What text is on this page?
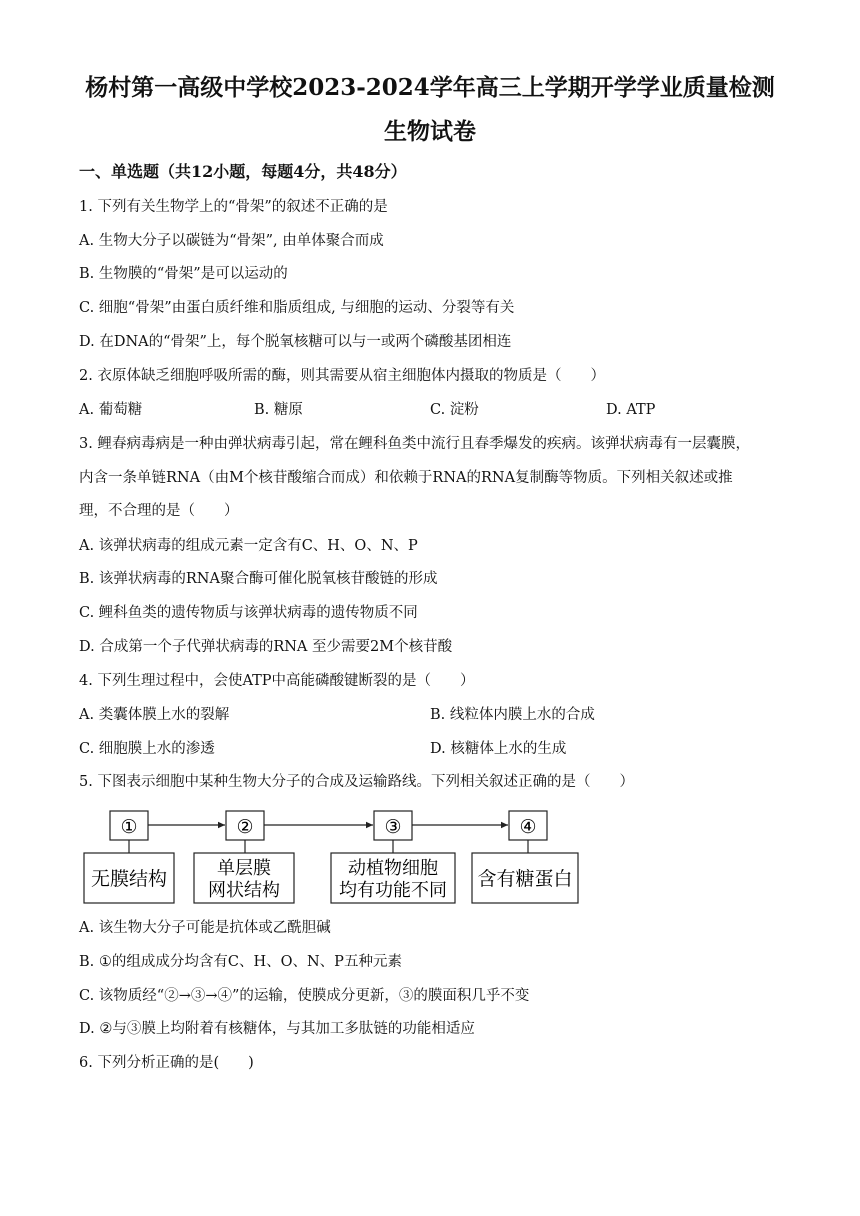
杨村第一高级中学校2023-2024学年高三上学期开学学业质量检测
生物试卷
一、单选题（共12小题，每题4分，共48分）
1. 下列有关生物学上的“骨架”的叙述不正确的是
A. 生物大分子以碳链为“骨架”, 由单体聚合而成
B. 生物膜的“骨架”是可以运动的
C. 细胞“骨架”由蛋白质纤维和脂质组成, 与细胞的运动、分裂等有关
D. 在DNA的“骨架”上，每个脱氧核糖可以与一或两个磷酸基团相连
2. 衣原体缺乏细胞呼吸所需的酶，则其需要从宿主细胞体内摄取的物质是（　　）
A. 葡萄糖	B. 糖原	C. 淀粉	D. ATP
3. 鲤春病毒病是一种由弹状病毒引起，常在鲤科鱼类中流行且春季爆发的疾病。该弹状病毒有一层囊膜，
内含一条单链RNA（由M个核苷酸缩合而成）和依赖于RNA的RNA复制酶等物质。下列相关叙述或推
理，不合理的是（　　）
A. 该弹状病毒的组成元素一定含有C、H、O、N、P
B. 该弹状病毒的RNA聚合酶可催化脱氧核苷酸链的形成
C. 鲤科鱼类的遗传物质与该弹状病毒的遗传物质不同
D. 合成第一个子代弹状病毒的RNA 至少需要2M个核苷酸
4. 下列生理过程中，会使ATP中高能磷酸键断裂的是（　　）
A. 类囊体膜上水的裂解	B. 线粒体内膜上水的合成
C. 细胞膜上水的渗透	D. 核糖体上水的生成
5. 下图表示细胞中某种生物大分子的合成及运输路线。下列相关叙述正确的是（　　）
①	②	③	④
无膜结构	单层膜
网状结构
动植物细胞
均有功能不同
含有糖蛋白
A. 该生物大分子可能是抗体或乙酰胆碱
B. ①的组成成分均含有C、H、O、N、P五种元素
C. 该物质经“②→③→④”的运输，使膜成分更新，③的膜面积几乎不变
D. ②与③膜上均附着有核糖体，与其加工多肽链的功能相适应
6. 下列分析正确的是(　　)
